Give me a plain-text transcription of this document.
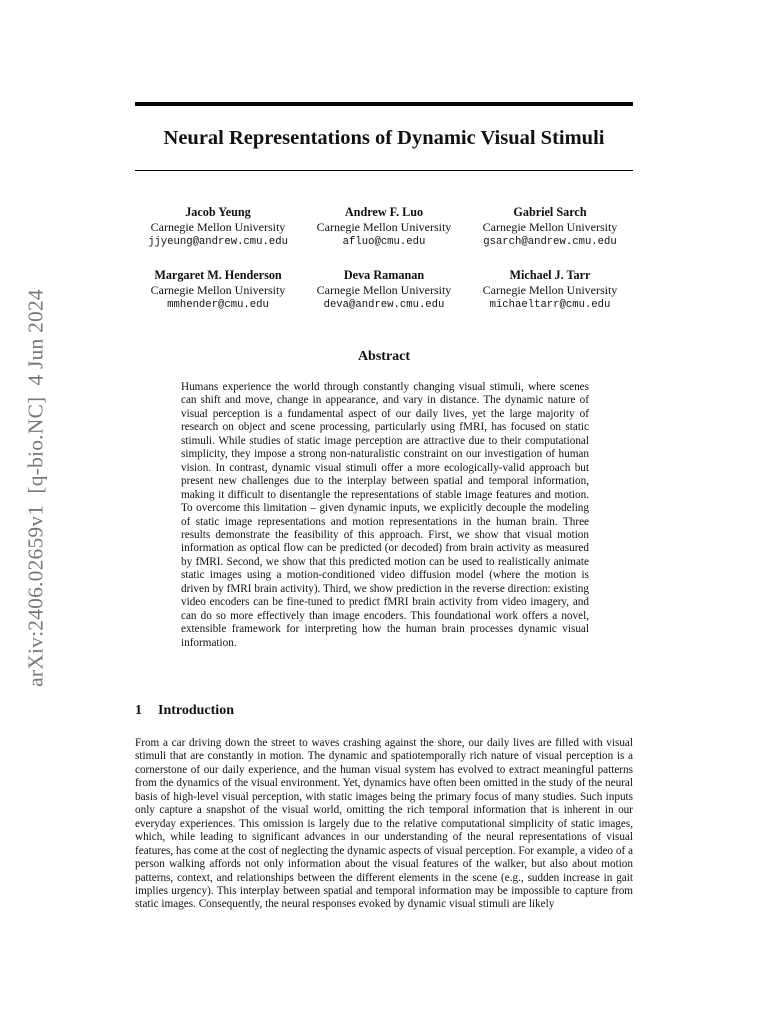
arXiv:2406.02659v1  [q-bio.NC]  4 Jun 2024
Neural Representations of Dynamic Visual Stimuli
Jacob Yeung
Carnegie Mellon University
jjyeung@andrew.cmu.edu
Andrew F. Luo
Carnegie Mellon University
afluo@cmu.edu
Gabriel Sarch
Carnegie Mellon University
gsarch@andrew.cmu.edu
Margaret M. Henderson
Carnegie Mellon University
mmhender@cmu.edu
Deva Ramanan
Carnegie Mellon University
deva@andrew.cmu.edu
Michael J. Tarr
Carnegie Mellon University
michaeltarr@cmu.edu
Abstract

Humans experience the world through constantly changing visual stimuli, where scenes can shift and move, change in appearance, and vary in distance. The dynamic nature of visual perception is a fundamental aspect of our daily lives, yet the large majority of research on object and scene processing, particularly using fMRI, has focused on static stimuli. While studies of static image perception are attractive due to their computational simplicity, they impose a strong non-naturalistic constraint on our investigation of human vision. In contrast, dynamic visual stimuli offer a more ecologically-valid approach but present new challenges due to the interplay between spatial and temporal information, making it difficult to disentangle the representations of stable image features and motion. To overcome this limitation – given dynamic inputs, we explicitly decouple the modeling of static image representations and motion representations in the human brain. Three results demonstrate the feasibility of this approach. First, we show that visual motion information as optical flow can be predicted (or decoded) from brain activity as measured by fMRI. Second, we show that this predicted motion can be used to realistically animate static images using a motion-conditioned video diffusion model (where the motion is driven by fMRI brain activity). Third, we show prediction in the reverse direction: existing video encoders can be fine-tuned to predict fMRI brain activity from video imagery, and can do so more effectively than image encoders. This foundational work offers a novel, extensible framework for interpreting how the human brain processes dynamic visual information.

1 Introduction

From a car driving down the street to waves crashing against the shore, our daily lives are filled with visual stimuli that are constantly in motion. The dynamic and spatiotemporally rich nature of visual perception is a cornerstone of our daily experience, and the human visual system has evolved to extract meaningful patterns from the dynamics of the visual environment. Yet, dynamics have often been omitted in the study of the neural basis of high-level visual perception, with static images being the primary focus of many studies. Such inputs only capture a snapshot of the visual world, omitting the rich temporal information that is inherent in our everyday experiences. This omission is largely due to the relative computational simplicity of static images, which, while leading to significant advances in our understanding of the neural representations of visual features, has come at the cost of neglecting the dynamic aspects of visual perception. For example, a video of a person walking affords not only information about the visual features of the walker, but also about motion patterns, context, and relationships between the different elements in the scene (e.g., sudden increase in gait implies urgency). This interplay between spatial and temporal information may be impossible to capture from static images. Consequently, the neural responses evoked by dynamic visual stimuli are likely
